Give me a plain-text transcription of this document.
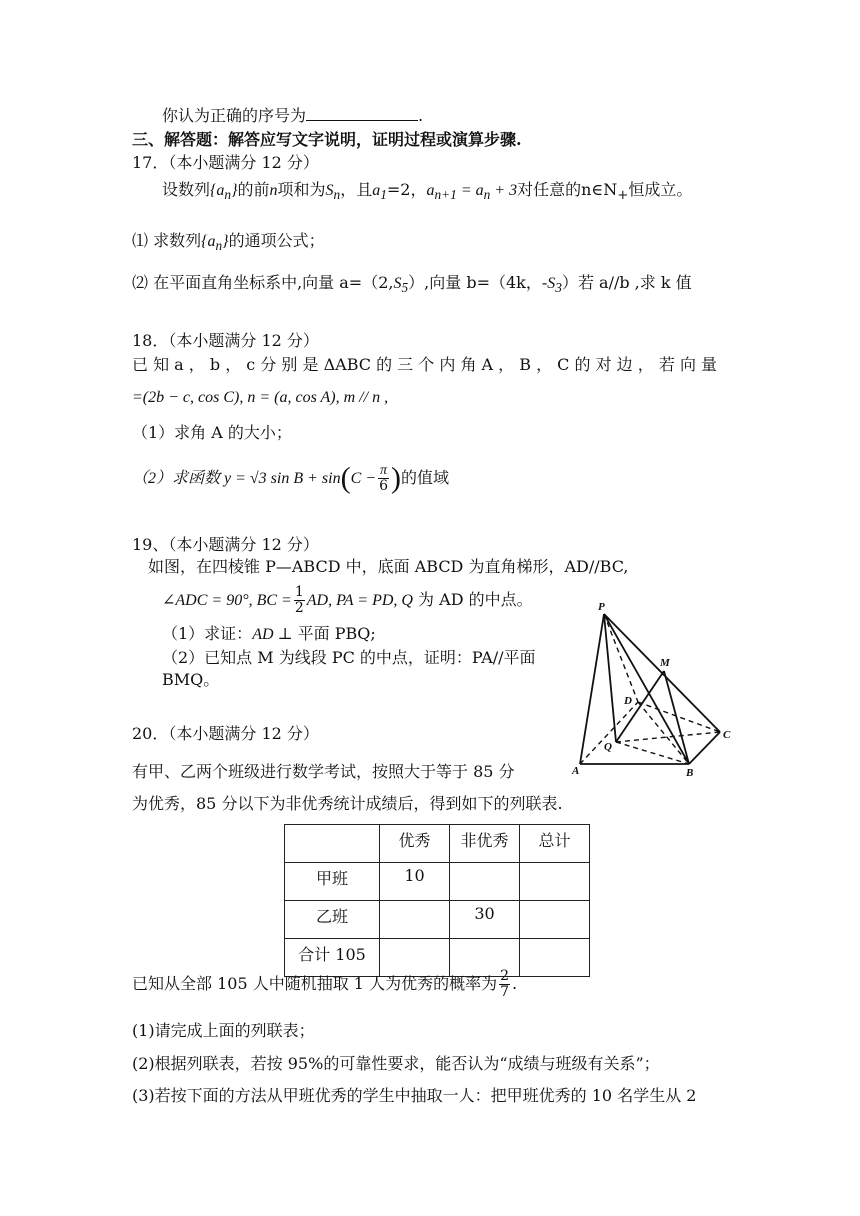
你认为正确的序号为	.
三、解答题：解答应写文字说明，证明过程或演算步骤.
17．（本小题满分 12 分）
设数列$\{a_n\}$的前n项和为$S_n$，且$a_1=2$，$a_{n+1} = a_n + 3$对任意的$n\in N_+$恒成立。
⑴ 求数列$\{a_n\}$的通项公式；
⑵ 在平面直角坐标系中,向量 $a=(2,S_5)$,向量 b=（4k，$-S_3$）若 a//b ,求 k 值
18．（本小题满分 12 分）
已 知 a ， b ， c 分 别 是 ΔABC 的 三 个 内 角 A ， B ， C 的 对 边 ， 若 向 量
=(2b − c, cos C), n = (a, cos A), m // n ,
（1）求角 A 的大小；
（2）求函数 y = √3 $\sin B + \sin(C - \frac{\pi}{6}$ )的值域
19、（本小题满分 12 分）
如图，在四棱锥 P—ABCD 中，底面 ABCD 为直角梯形，AD//BC,
∠ADC = 90°, BC = $\frac{1}{2}$ AD, PA = PD, Q 为 AD 的中点。
（1）求证：AD ⊥ 平面 PBQ;
（2）已知点 M 为线段 PC 的中点，证明：PA//平面
BMQ。
P
M
D
Q
A	B
C
20．（本小题满分 12 分）
有甲、乙两个班级进行数学考试，按照大于等于 85 分
为优秀，85 分以下为非优秀统计成绩后，得到如下的列联表.
	优秀	非优秀	总计
甲班	10		
乙班		30	
合计 105			
已知从全部 105 人中随机抽取 1 人为优秀的概率为 $\frac{2}{7}$ .
(1)请完成上面的列联表；
(2)根据列联表，若按 95%的可靠性要求，能否认为“成绩与班级有关系”；
(3)若按下面的方法从甲班优秀的学生中抽取一人：把甲班优秀的 10 名学生从 2
